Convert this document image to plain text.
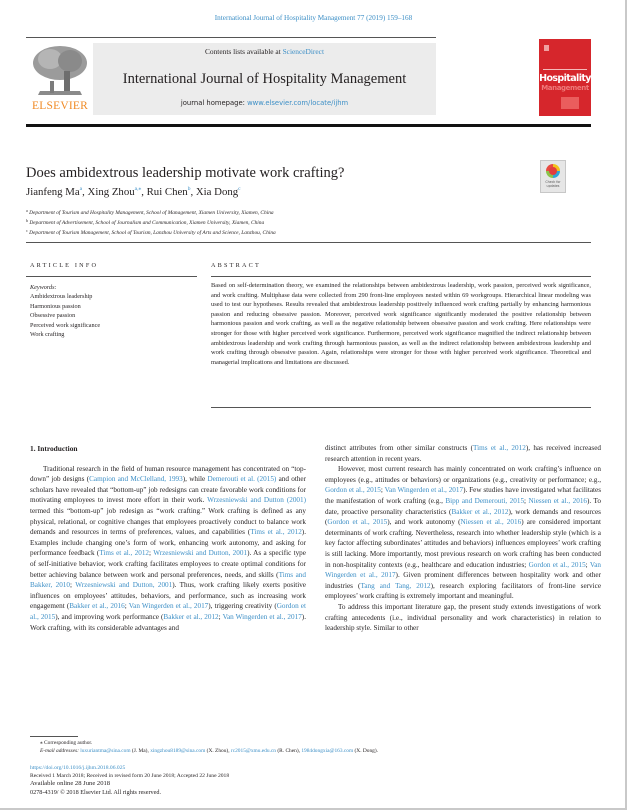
International Journal of Hospitality Management 77 (2019) 159–168
ELSEVIER
Contents lists available at ScienceDirect
International Journal of Hospitality Management
journal homepage: www.elsevier.com/locate/ijhm
Hospitality
Management
Does ambidextrous leadership motivate work crafting?
Check for
updates
Jianfeng Ma$^a$, Xing Zhou$^{a,⁎}$, Rui Chen$^b$, Xia Dong$^c$
$^a$ Department of Tourism and Hospitality Management, School of Management, Xiamen University, Xiamen, China
$^b$ Department of Advertisement, School of Journalism and Communication, Xiamen University, Xiamen, China
$^c$ Department of Tourism Management, School of Tourism, Lanzhou University of Arts and Science, Lanzhou, China
ARTICLE INFO	ABSTRACT
Keywords:
Ambidextrous leadership
Harmonious passion
Obsessive passion
Perceived work significance
Work crafting
Based on self-determination theory, we examined the relationships between ambidextrous leadership, work passion, perceived work significance, and work crafting. Multiphase data were collected from 290 front-line employees nested within 69 workgroups. Hierarchical linear modeling was used to test our hypotheses. Results revealed that ambidextrous leadership positively influenced work crafting partially by enhancing harmonious passion and reducing obsessive passion. Moreover, perceived work significance significantly moderated the positive relationship between harmonious passion and work crafting, as well as the negative relationship between obsessive passion and work crafting. Here relationships were stronger for those with higher perceived work significance. Furthermore, perceived work significance magnified the indirect relationship between ambidextrous leadership and work crafting through harmonious passion, as well as the indirect relationship between ambidextrous leadership and work crafting through obsessive passion. Again, relationships were stronger for those with higher perceived work significance. Theoretical and managerial implications and limitations are discussed.

1. Introduction

Traditional research in the field of human resource management has concentrated on “top-down” job designs (Campion and McClelland, 1993), while Demerouti et al. (2015) and other scholars have revealed that “bottom-up” job redesigns can create favorable work conditions for motivating employees to invest more effort in their work. Wrzesniewski and Dutton (2001) termed this “bottom-up” job redesign as “work crafting.” Work crafting is defined as any physical, relational, or cognitive changes that employees proactively conduct to balance work demands and resources in terms of preferences, values, and capabilities (Tims et al., 2012). Examples include changing one’s form of work, enhancing work autonomy, and asking for performance feedback (Tims et al., 2012; Wrzesniewski and Dutton, 2001). As a specific type of self-initiative behavior, work crafting facilitates employees to create optimal conditions for better achieving balance between work and personal preferences, needs, and skills (Tims and Bakker, 2010; Wrzesniewski and Dutton, 2001). Thus, work crafting likely exerts positive influences on employees’ attitudes, behaviors, and performance, such as increasing work engagement (Bakker et al., 2016; Van Wingerden et al., 2017), triggering creativity (Gordon et al., 2015), and improving work performance (Bakker et al., 2012; Van Wingerden et al., 2017). Work crafting, with its considerable advantages and

distinct attributes from other similar constructs (Tims et al., 2012), has received increased research attention in recent years.

However, most current research has mainly concentrated on work crafting’s influence on employees (e.g., attitudes or behaviors) or organizations (e.g., creativity or performance; e.g., Gordon et al., 2015; Van Wingerden et al., 2017). Few studies have investigated what facilitates the manifestation of work crafting (e.g., Bipp and Demerouti, 2015; Niessen et al., 2016). To date, proactive personality characteristics (Bakker et al., 2012), work demands and resources (Gordon et al., 2015), and work autonomy (Niessen et al., 2016) are considered important determinants of work crafting. Nevertheless, research into whether leadership style (which is a key factor affecting subordinates’ attitudes and behaviors) influences employees’ work crafting is still lacking. More importantly, most previous research on work crafting has been conducted in non-hospitality contexts (e.g., healthcare and education industries; Gordon et al., 2015; Van Wingerden et al., 2017). Given prominent differences between hospitality work and other industries (Tang and Tang, 2012), research exploring facilitators of front-line service employees’ work crafting is extremely important and meaningful.

To address this important literature gap, the present study extends investigations of work crafting antecedents (i.e., individual personality and work characteristics) in relation to leadership style. Similar to other

⁎ Corresponding author.
E-mail addresses: luxuriantma@sina.com (J. Ma), xingzhou8189@sina.com (X. Zhou), rc2015@xmu.edu.cn (R. Chen), 1984dongxia@163.com (X. Dong).
https://doi.org/10.1016/j.ijhm.2018.06.025
Received 1 March 2018; Received in revised form 20 June 2018; Accepted 22 June 2018
Available online 28 June 2018
0278-4319/ © 2018 Elsevier Ltd. All rights reserved.
